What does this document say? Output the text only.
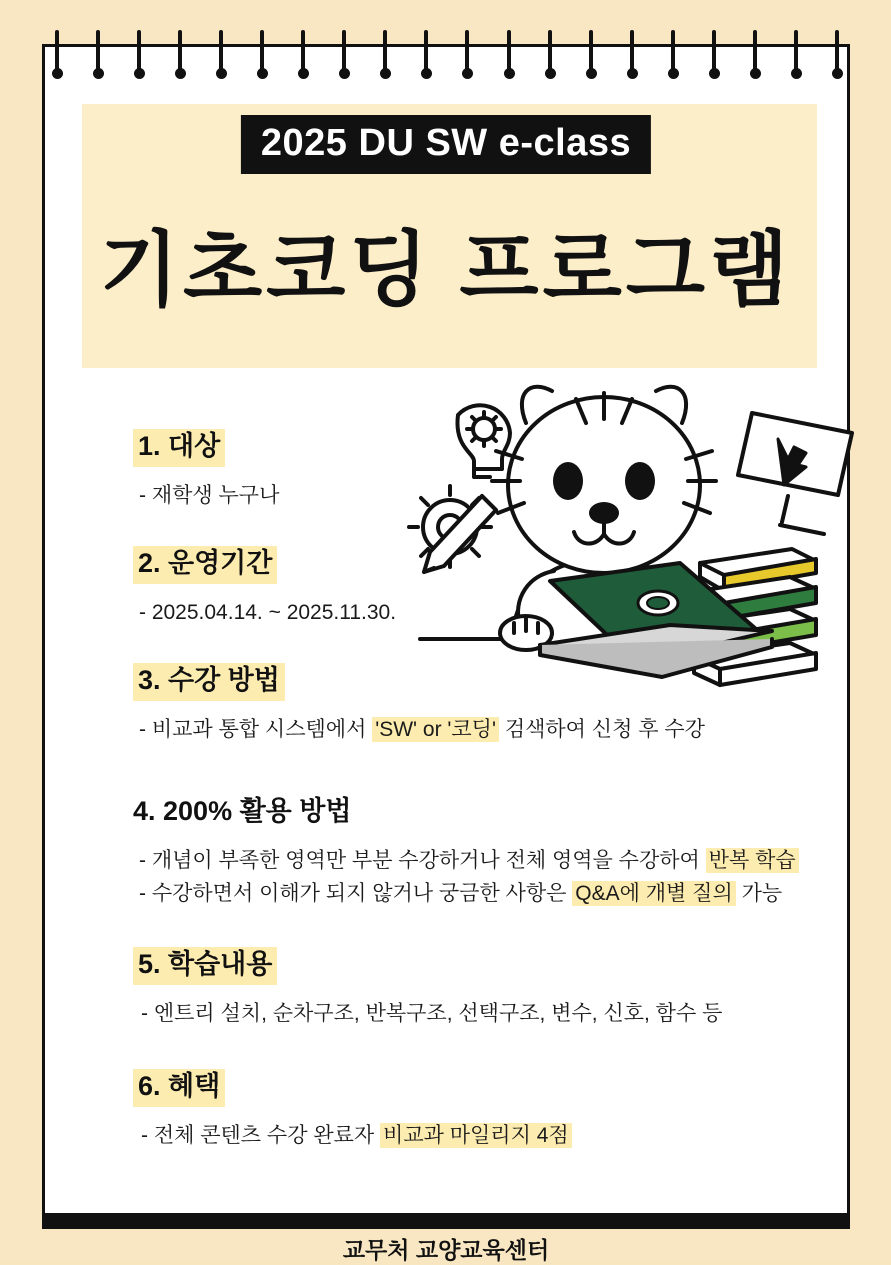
2025 DU SW e-class
기초코딩 프로그램
1. 대상
- 재학생 누구나
2. 운영기간
- 2025.04.14. ~ 2025.11.30.
3. 수강 방법
- 비교과 통합 시스템에서 'SW' or '코딩' 검색하여 신청 후 수강
4. 200% 활용 방법
- 개념이 부족한 영역만 부분 수강하거나 전체 영역을 수강하여 반복 학습
- 수강하면서 이해가 되지 않거나 궁금한 사항은 Q&A에 개별 질의 가능
5. 학습내용
- 엔트리 설치, 순차구조, 반복구조, 선택구조, 변수, 신호, 함수 등
6. 혜택
- 전체 콘텐츠 수강 완료자 비교과 마일리지 4점
교무처 교양교육센터
